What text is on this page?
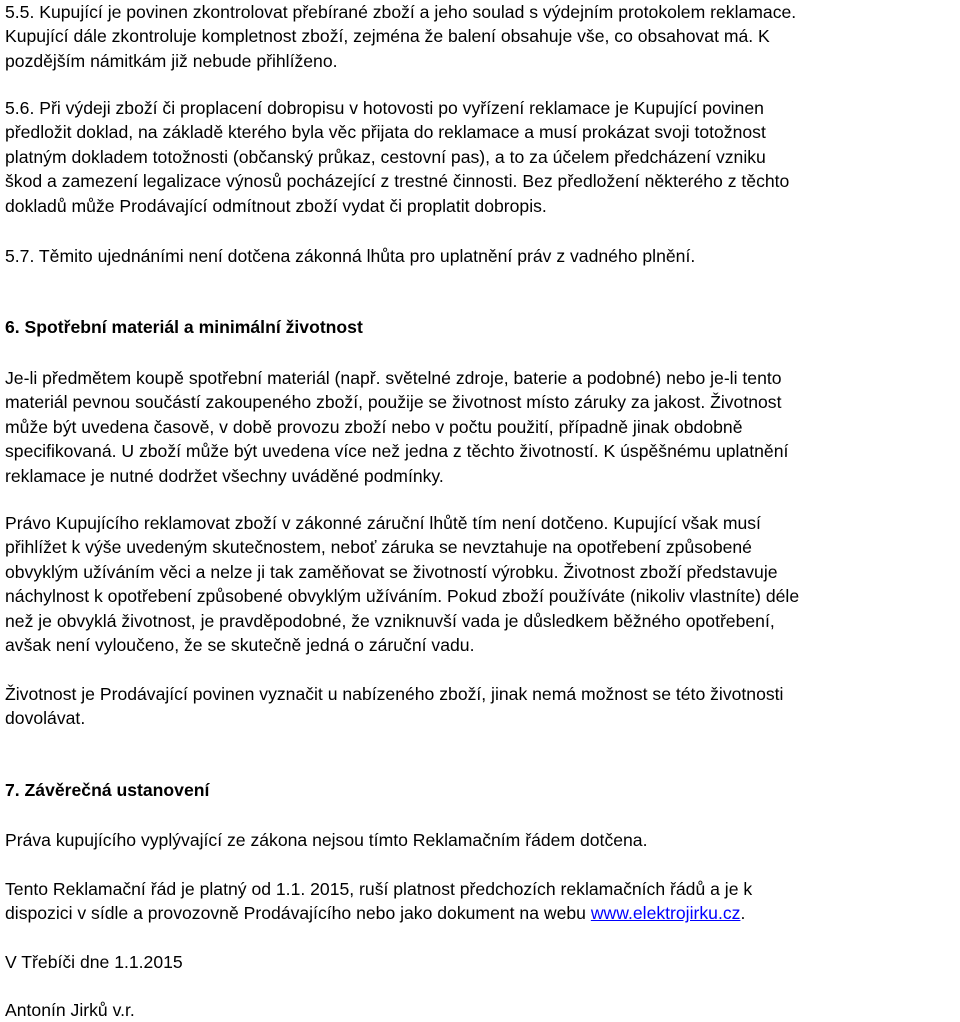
5.5. Kupující je povinen zkontrolovat přebírané zboží a jeho soulad s výdejním protokolem reklamace.
Kupující dále zkontroluje kompletnost zboží, zejména že balení obsahuje vše, co obsahovat má. K
pozdějším námitkám již nebude přihlíženo.
5.6. Při výdeji zboží či proplacení dobropisu v hotovosti po vyřízení reklamace je Kupující povinen
předložit doklad, na základě kterého byla věc přijata do reklamace a musí prokázat svoji totožnost
platným dokladem totožnosti (občanský průkaz, cestovní pas), a to za účelem předcházení vzniku
škod a zamezení legalizace výnosů pocházející z trestné činnosti. Bez předložení některého z těchto
dokladů může Prodávající odmítnout zboží vydat či proplatit dobropis.
5.7. Těmito ujednáními není dotčena zákonná lhůta pro uplatnění práv z vadného plnění.
6. Spotřební materiál a minimální životnost
Je-li předmětem koupě spotřební materiál (např. světelné zdroje, baterie a podobné) nebo je-li tento
materiál pevnou součástí zakoupeného zboží, použije se životnost místo záruky za jakost. Životnost
může být uvedena časově, v době provozu zboží nebo v počtu použití, případně jinak obdobně
specifikovaná. U zboží může být uvedena více než jedna z těchto životností. K úspěšnému uplatnění
reklamace je nutné dodržet všechny uváděné podmínky.
Právo Kupujícího reklamovat zboží v zákonné záruční lhůtě tím není dotčeno. Kupující však musí
přihlížet k výše uvedeným skutečnostem, neboť záruka se nevztahuje na opotřebení způsobené
obvyklým užíváním věci a nelze ji tak zaměňovat se životností výrobku. Životnost zboží představuje
náchylnost k opotřebení způsobené obvyklým užíváním. Pokud zboží používáte (nikoliv vlastníte) déle
než je obvyklá životnost, je pravděpodobné, že vzniknuvší vada je důsledkem běžného opotřebení,
avšak není vyloučeno, že se skutečně jedná o záruční vadu.
Životnost je Prodávající povinen vyznačit u nabízeného zboží, jinak nemá možnost se této životnosti
dovolávat.
7. Závěrečná ustanovení
Práva kupujícího vyplývající ze zákona nejsou tímto Reklamačním řádem dotčena.
Tento Reklamační řád je platný od 1.1. 2015, ruší platnost předchozích reklamačních řádů a je k
dispozici v sídle a provozovně Prodávajícího nebo jako dokument na webu www.elektrojirku.cz.
V Třebíči dne 1.1.2015
Antonín Jirků v.r.
